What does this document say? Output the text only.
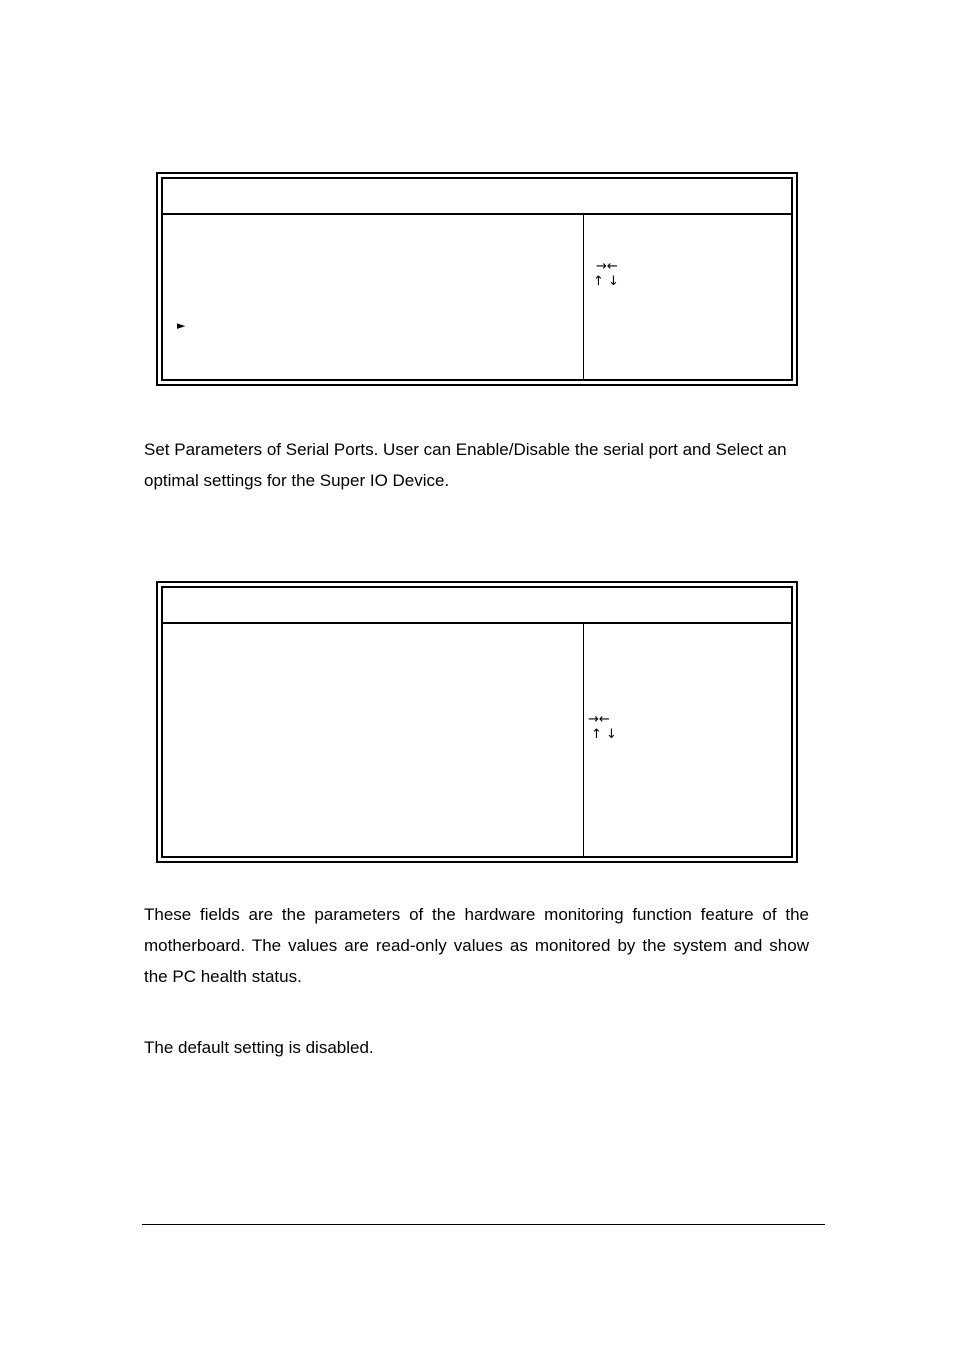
►
→←
↑ ↓

Set Parameters of Serial Ports. User can Enable/Disable the serial port and Select an optimal settings for the Super IO Device.

→←
↑ ↓

These fields are the parameters of the hardware monitoring function feature of the motherboard. The values are read-only values as monitored by the system and show the PC health status.

The default setting is disabled.
